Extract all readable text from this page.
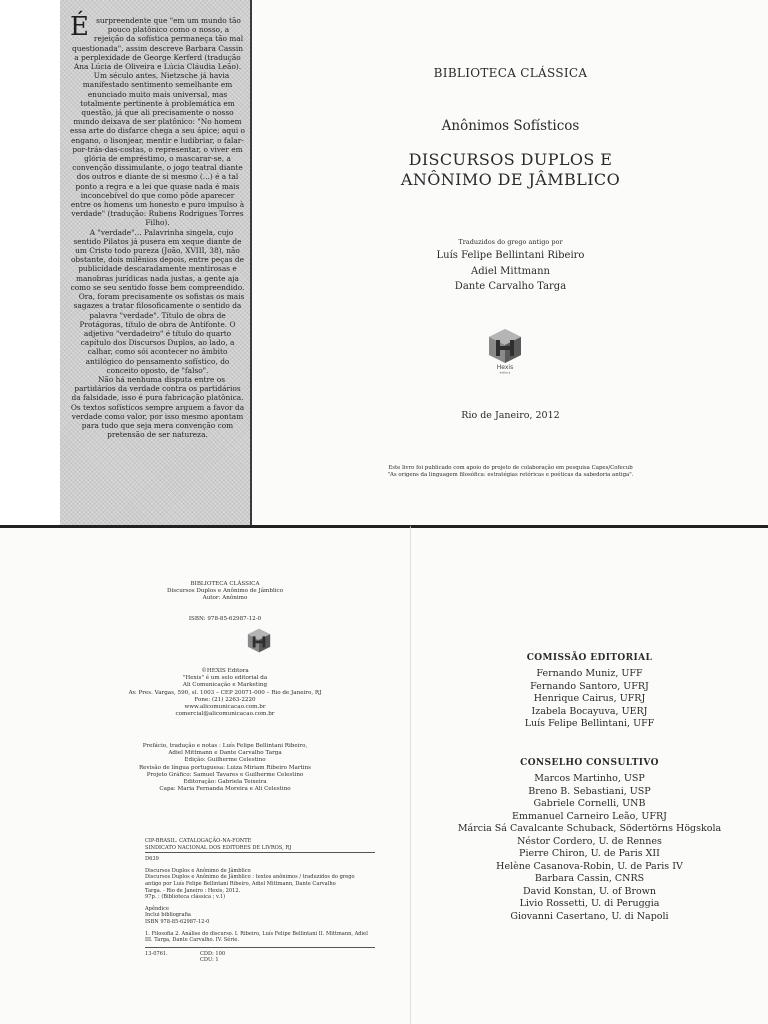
Ésurpreendente que "em um mundo tão pouco platônico como o nosso, a rejeição da sofística permaneça tão mal questionada", assim descreve Barbara Cassin a perplexidade de George Kerferd (tradução Ana Lúcia de Oliveira e Lúcia Cláudia Leão).

Um século antes, Nietzsche já havia manifestado sentimento semelhante em enunciado muito mais universal, mas totalmente pertinente à problemática em questão, já que ali precisamente o nosso mundo deixava de ser platônico: "No homem essa arte do disfarce chega a seu ápice; aqui o engano, o lisonjear, mentir e ludibriar, o falar-por-trás-das-costas, o representar, o viver em glória de empréstimo, o mascarar-se, a convenção dissimulante, o jogo teatral diante dos outros e diante de si mesmo (...) é a tal ponto a regra e a lei que quase nada é mais inconcebível do que como pôde aparecer entre os homens um honesto e puro impulso à verdade" (tradução: Rubens Rodrigues Torres Filho).

A "verdade"... Palavrinha singela, cujo sentido Pilatos já pusera em xeque diante de um Cristo todo pureza (João, XVIII, 38), não obstante, dois milênios depois, entre peças de publicidade descaradamente mentirosas e manobras jurídicas nada justas, a gente aja como se seu sentido fosse bem compreendido.

Ora, foram precisamente os sofistas os mais sagazes a tratar filosoficamente o sentido da palavra "verdade". Título de obra de Protágoras, título de obra de Antifonte. O adjetivo "verdadeiro" é título do quarto capítulo dos Discursos Duplos, ao lado, a calhar, como sói acontecer no âmbito antilógico do pensamento sofístico, do conceito oposto, de "falso".

Não há nenhuma disputa entre os partidários da verdade contra os partidários da falsidade, isso é pura fabricação platônica. Os textos sofísticos sempre arguem a favor da verdade como valor, por isso mesmo apontam para tudo que seja mera convenção com pretensão de ser natureza.

BIBLIOTECA CLÁSSICA
Anônimos Sofísticos
DISCURSOS DUPLOS E
ANÔNIMO DE JÂMBLICO
Traduzidos do grego antigo por
Luís Felipe Bellintani Ribeiro
Adiel Mittmann
Dante Carvalho Targa
Hexis
editora
Rio de Janeiro, 2012
Este livro foi publicado com apoio do projeto de colaboração em pesquisa Capes/Cofecub
"As origens da linguagem filosófica: estratégias retóricas e poéticas da sabedoria antiga".
BIBLIOTECA CLÁSSICA
Discursos Duplos e Anônimo de Jâmblico
Autor: Anônimo
ISBN: 978-85-62987-12-0
©HEXIS Editora
"Hexis" é um selo editorial da
Ali Comunicação e Marketing
Av. Pres. Vargas, 590, sl. 1003 – CEP 20071-000 – Rio de Janeiro, RJ
Fone: (21) 2263-2220
www.alicomunicacao.com.br
comercial@alicomunicacao.com.br
Prefácio, tradução e notas : Luís Felipe Bellintani Ribeiro,
Adiel Mittmann e Dante Carvalho Targa
Edição: Guilherme Celestino
Revisão de língua portuguesa: Luiza Miriam Ribeiro Martins
Projeto Gráfico: Samuel Tavares e Guilherme Celestino
Editoração: Gabriela Teixeira
Capa: Maria Fernanda Moreira e Ali Celestino
CIP-BRASIL. CATALOGAÇÃO-NA-FONTE
SINDICATO NACIONAL DOS EDITORES DE LIVROS, RJ

D639

Discursos Duplos e Anônimo de Jâmblico

Discursos Duplos e Anônimo de Jâmblico : textos anônimos / traduzidos do grego

antigo por Luís Felipe Bellintani Ribeiro, Adiel Mittmann, Dante Carvalho

Targa. - Rio de Janeiro : Hexis, 2012.

97p. : (Biblioteca clássica ; v.1)

Apêndice

Inclui bibliografia

ISBN 978-85-62987-12-0

1. Filosofia 2. Análise do discurso. I. Ribeiro, Luís Felipe Bellintani II. Mittmann, Adiel III. Targa, Dante Carvalho. IV. Série.

13-0761.	CDD: 100
CDU: 1
COMISSÃO EDITORIAL
Fernando Muniz, UFF
Fernando Santoro, UFRJ
Henrique Cairus, UFRJ
Izabela Bocayuva, UERJ
Luís Felipe Bellintani, UFF
CONSELHO CONSULTIVO
Marcos Martinho, USP
Breno B. Sebastiani, USP
Gabriele Cornelli, UNB
Emmanuel Carneiro Leão, UFRJ
Márcia Sá Cavalcante Schuback, Södertörns Högskola
Néstor Cordero, U. de Rennes
Pierre Chiron, U. de Paris XII
Helène Casanova-Robin, U. de Paris IV
Barbara Cassin, CNRS
David Konstan, U. of Brown
Livio Rossetti, U. di Peruggia
Giovanni Casertano, U. di Napoli
